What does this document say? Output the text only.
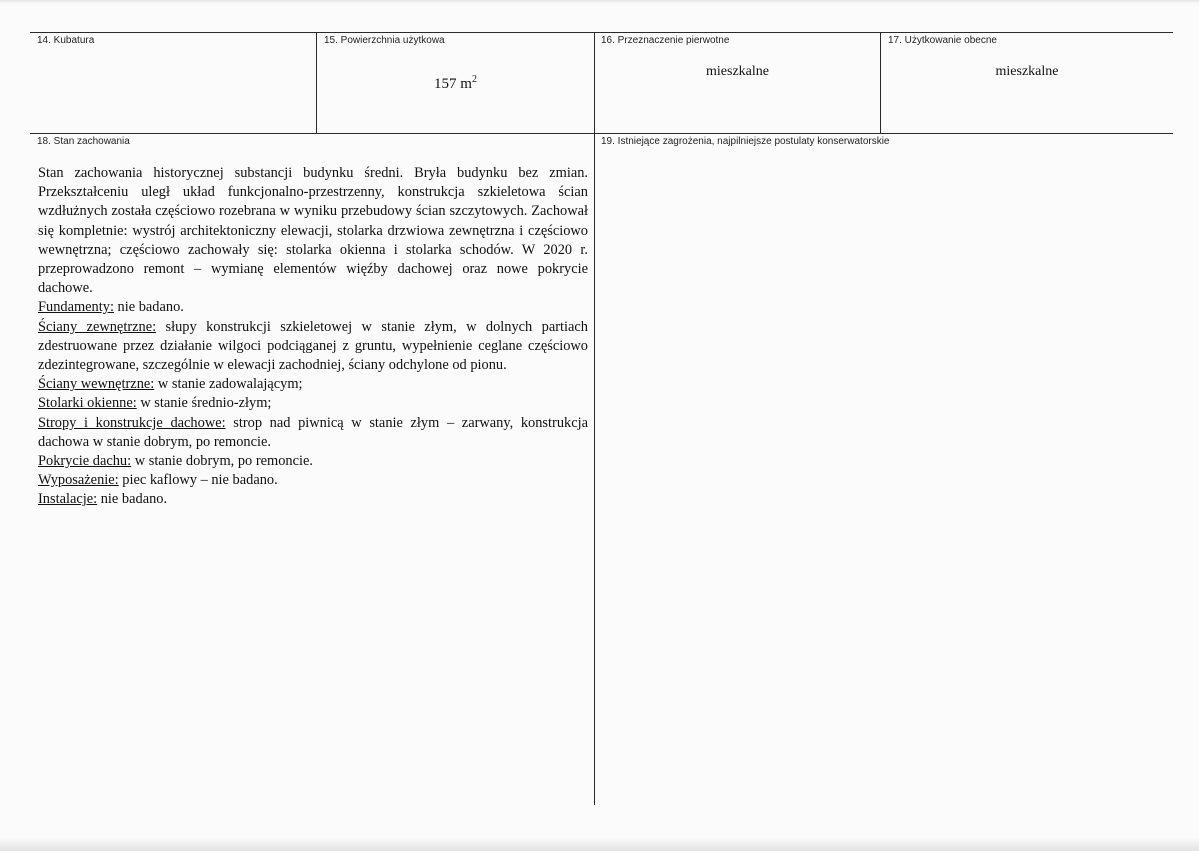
14. Kubatura	15. Powierzchnia użytkowa
157 $m^2$
16. Przeznaczenie pierwotne
mieszkalne
17. Użytkowanie obecne
mieszkalne
18. Stan zachowania	19. Istniejące zagrożenia, najpilniejsze postulaty konserwatorskie

Stan zachowania historycznej substancji budynku średni. Bryła budynku bez zmian. Przekształceniu uległ układ funkcjonalno-przestrzenny, konstrukcja szkieletowa ścian wzdłużnych została częściowo rozebrana w wyniku przebudowy ścian szczytowych. Zachował się kompletnie: wystrój architektoniczny elewacji, stolarka drzwiowa zewnętrzna i częściowo wewnętrzna; częściowo zachowały się: stolarka okienna i stolarka schodów. W 2020 r. przeprowadzono remont – wymianę elementów więźby dachowej oraz nowe pokrycie dachowe.

Fundamenty: nie badano.

Ściany zewnętrzne: słupy konstrukcji szkieletowej w stanie złym, w dolnych partiach zdestruowane przez działanie wilgoci podciąganej z gruntu, wypełnienie ceglane częściowo zdezintegrowane, szczególnie w elewacji zachodniej, ściany odchylone od pionu.

Ściany wewnętrzne: w stanie zadowalającym;

Stolarki okienne: w stanie średnio-złym;

Stropy i konstrukcje dachowe: strop nad piwnicą w stanie złym – zarwany, konstrukcja dachowa w stanie dobrym, po remoncie.

Pokrycie dachu: w stanie dobrym, po remoncie.

Wyposażenie: piec kaflowy – nie badano.

Instalacje: nie badano.
